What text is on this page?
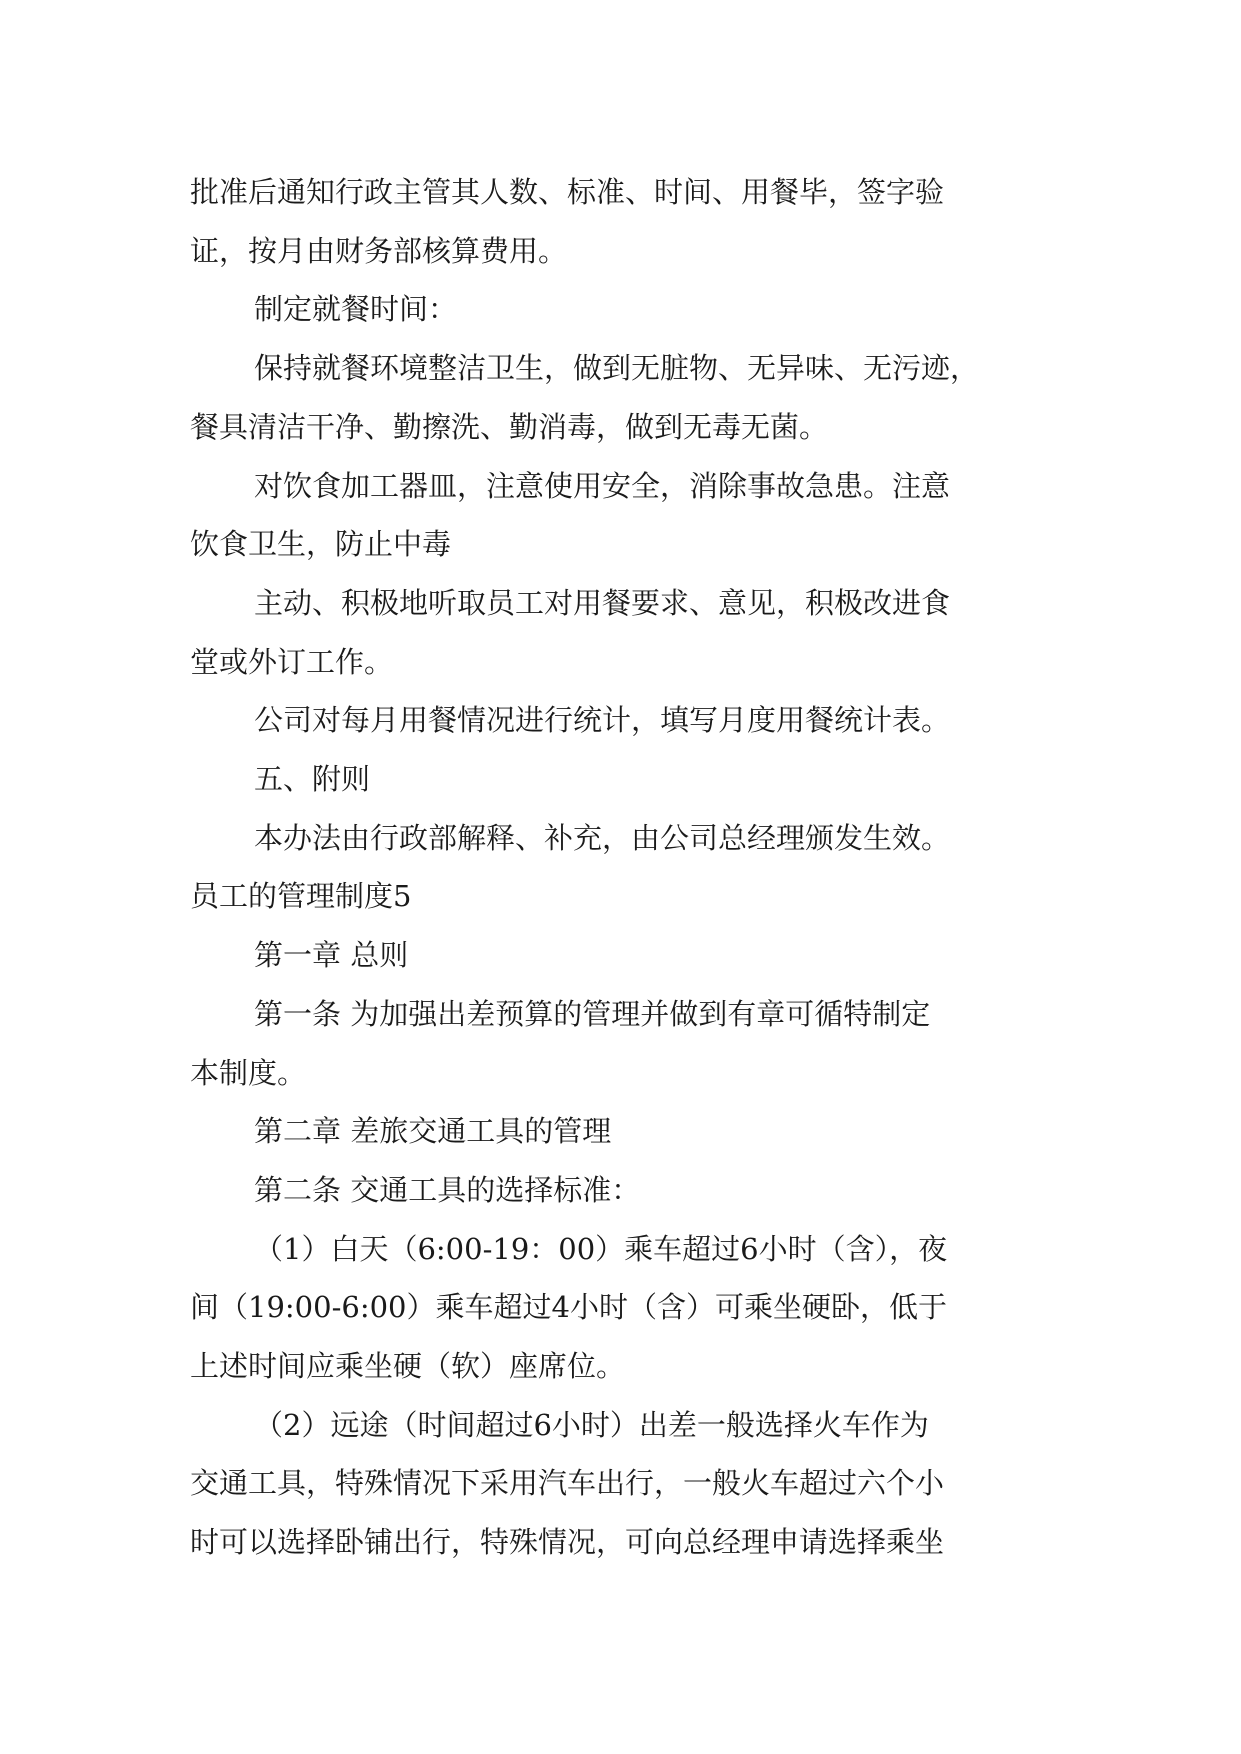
批准后通知行政主管其人数、标准、时间、用餐毕，签字验

证，按月由财务部核算费用。

制定就餐时间：

保持就餐环境整洁卫生，做到无脏物、无异味、无污迹，

餐具清洁干净、勤擦洗、勤消毒，做到无毒无菌。

对饮食加工器皿，注意使用安全，消除事故急患。注意

饮食卫生，防止中毒

主动、积极地听取员工对用餐要求、意见，积极改进食

堂或外订工作。

公司对每月用餐情况进行统计，填写月度用餐统计表。

五、附则

本办法由行政部解释、补充，由公司总经理颁发生效。

员工的管理制度5

第一章 总则

第一条 为加强出差预算的管理并做到有章可循特制定

本制度。

第二章 差旅交通工具的管理

第二条 交通工具的选择标准：

（1）白天（6:00-19：00）乘车超过6小时（含），夜

间（19:00-6:00）乘车超过4小时（含）可乘坐硬卧，低于

上述时间应乘坐硬（软）座席位。

（2）远途（时间超过6小时）出差一般选择火车作为

交通工具，特殊情况下采用汽车出行，一般火车超过六个小

时可以选择卧铺出行，特殊情况，可向总经理申请选择乘坐
